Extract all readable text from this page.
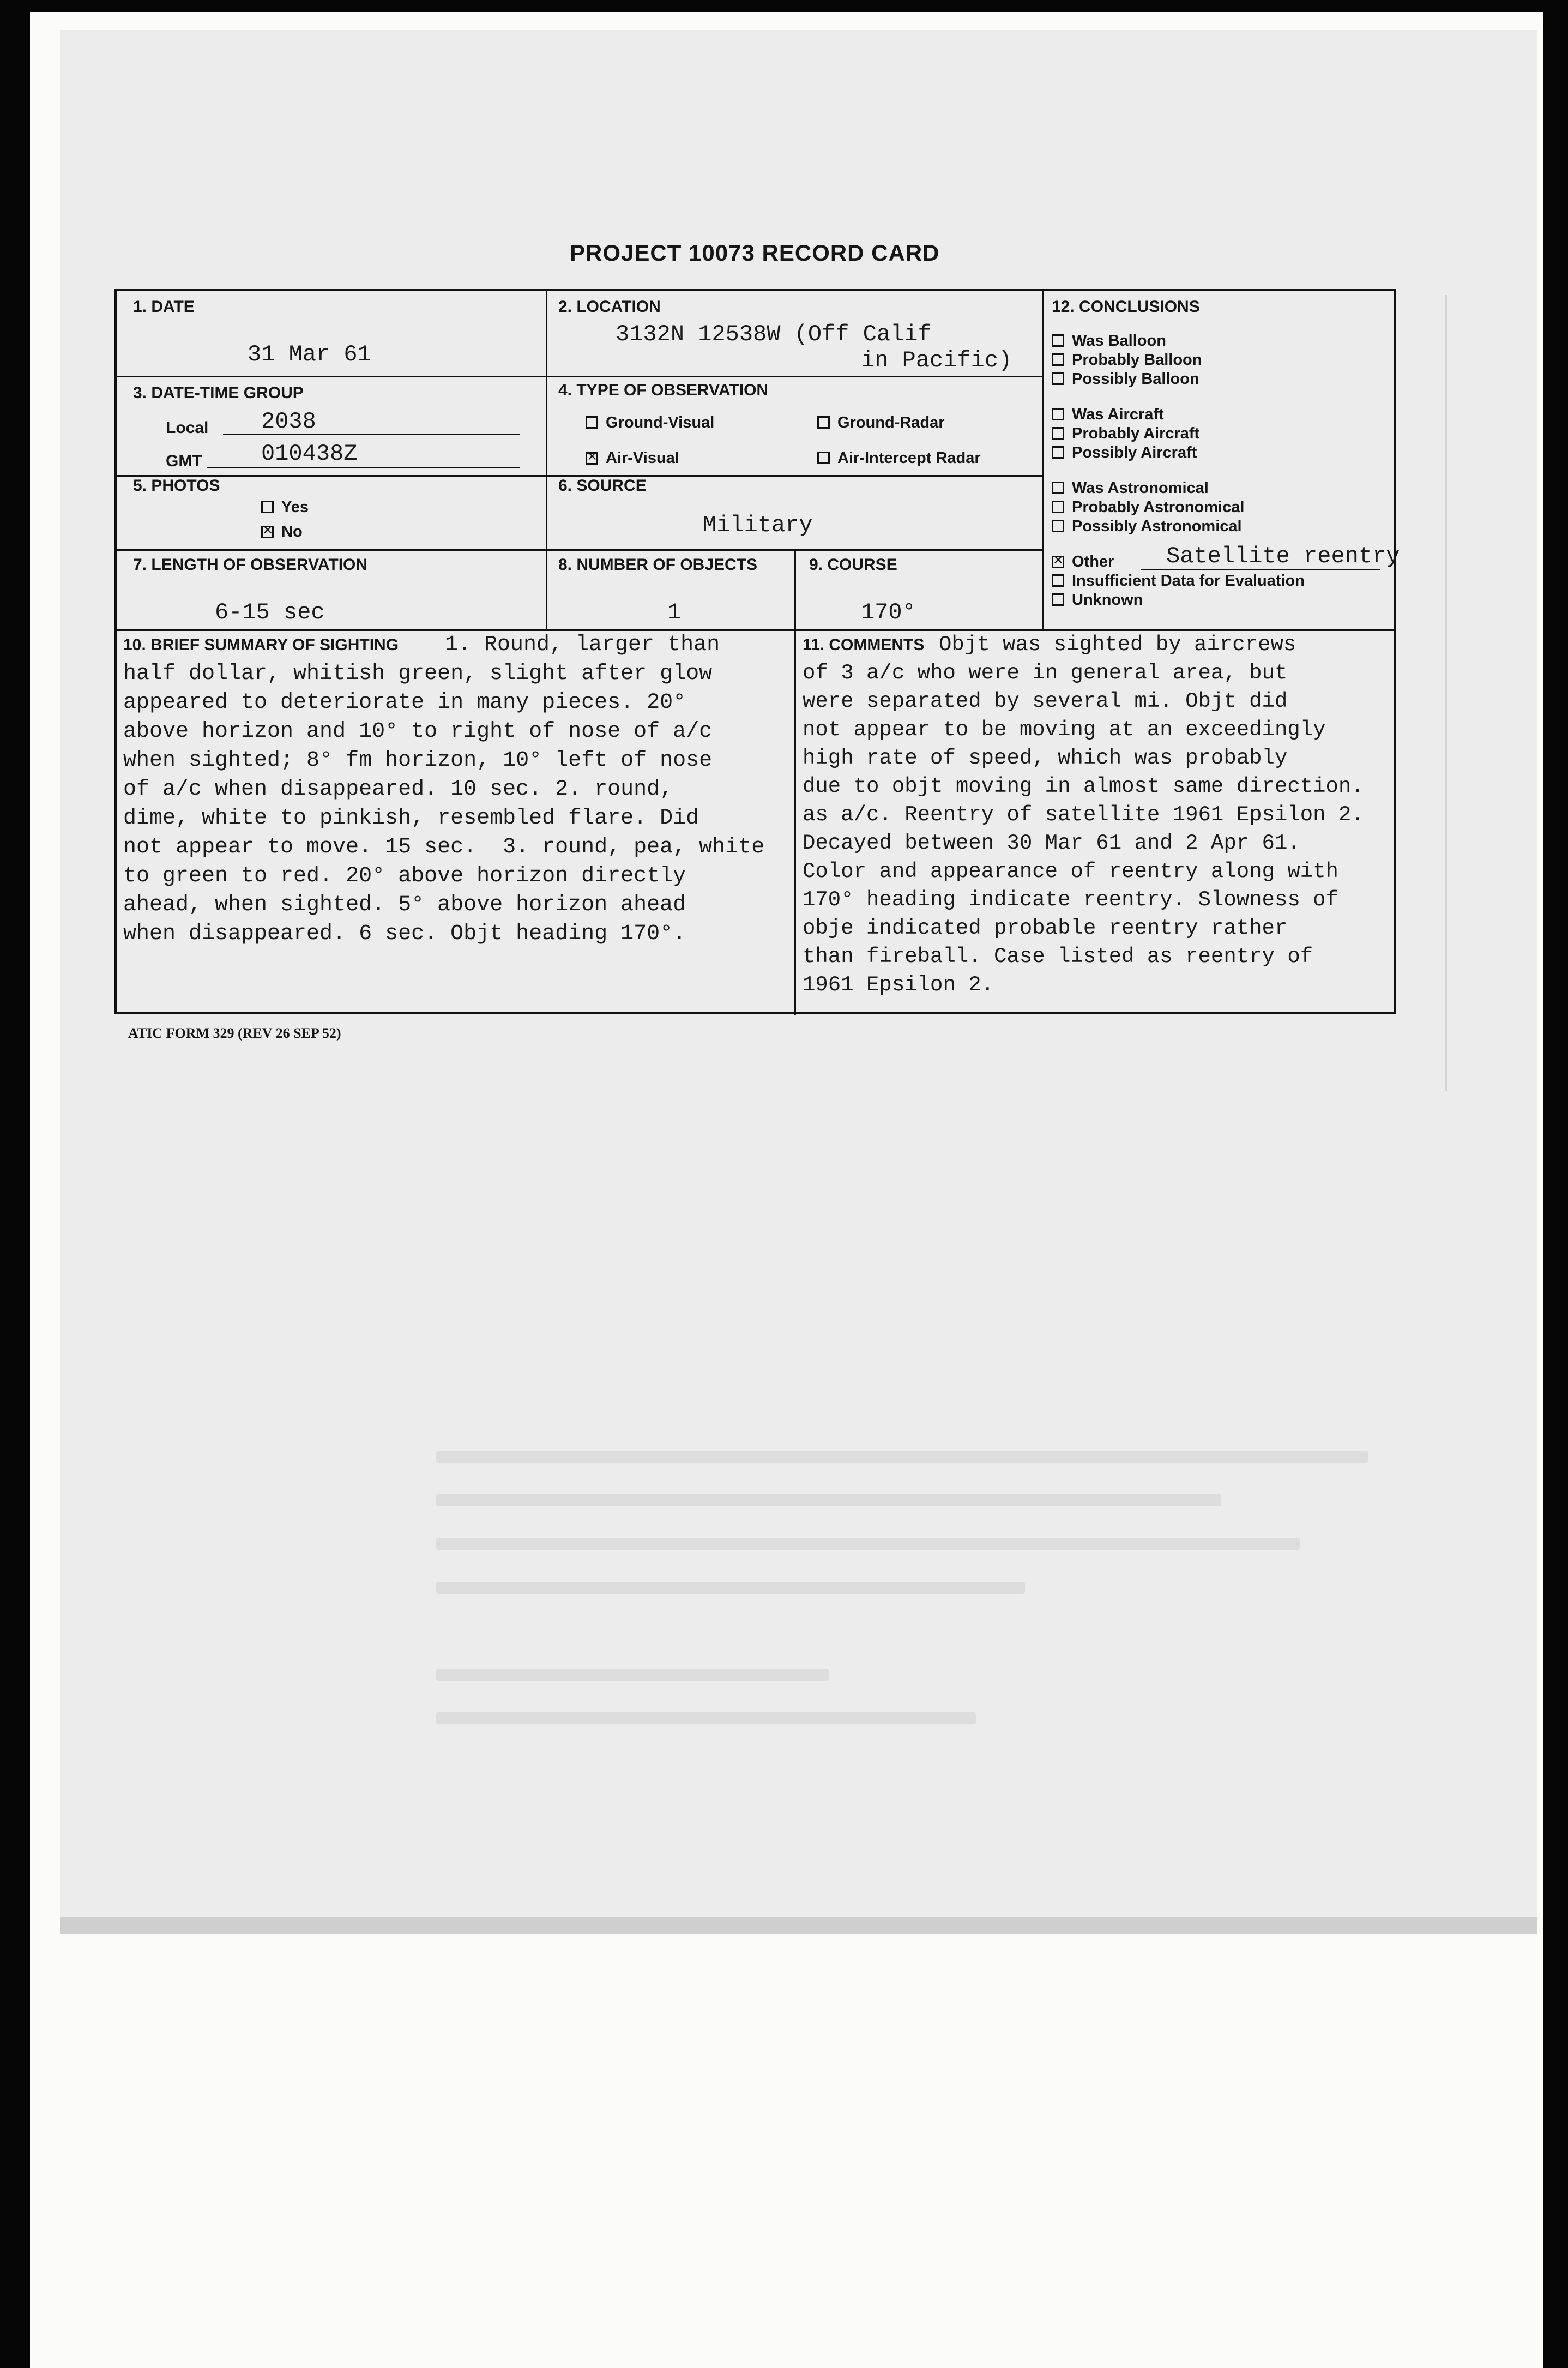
PROJECT 10073 RECORD CARD
1. DATE
31 Mar 61
2. LOCATION
3132N 12538W (Off Calif
in Pacific)
3. DATE-TIME GROUP
Local 2038
GMT	010438Z
4. TYPE OF OBSERVATION
Ground-Visual	Ground-Radar
✕Air-Visual	Air-Intercept Radar
5. PHOTOS
Yes
✕No
6. SOURCE
Military
7. LENGTH OF OBSERVATION
6-15 sec
8. NUMBER OF OBJECTS
1
9. COURSE
170°
12. CONCLUSIONS
Was Balloon
Probably Balloon
Possibly Balloon
Was Aircraft
Probably Aircraft
Possibly Aircraft
Was Astronomical
Probably Astronomical
Possibly Astronomical
✕Other Satellite reentry
Insufficient Data for Evaluation
Unknown
10. BRIEF SUMMARY OF SIGHTING	1. Round, larger than
half dollar, whitish green, slight after glow
appeared to deteriorate in many pieces. 20°
above horizon and 10° to right of nose of a/c
when sighted; 8° fm horizon, 10° left of nose
of a/c when disappeared. 10 sec. 2. round,
dime, white to pinkish, resembled flare. Did
not appear to move. 15 sec.  3. round, pea, white
to green to red. 20° above horizon directly
ahead, when sighted. 5° above horizon ahead
when disappeared. 6 sec. Objt heading 170°.
11. COMMENTS Objt was sighted by aircrews
of 3 a/c who were in general area, but
were separated by several mi. Objt did
not appear to be moving at an exceedingly
high rate of speed, which was probably
due to objt moving in almost same direction.
as a/c. Reentry of satellite 1961 Epsilon 2.
Decayed between 30 Mar 61 and 2 Apr 61.
Color and appearance of reentry along with
170° heading indicate reentry. Slowness of
obje indicated probable reentry rather
than fireball. Case listed as reentry of
1961 Epsilon 2.
ATIC FORM 329 (REV 26 SEP 52)
